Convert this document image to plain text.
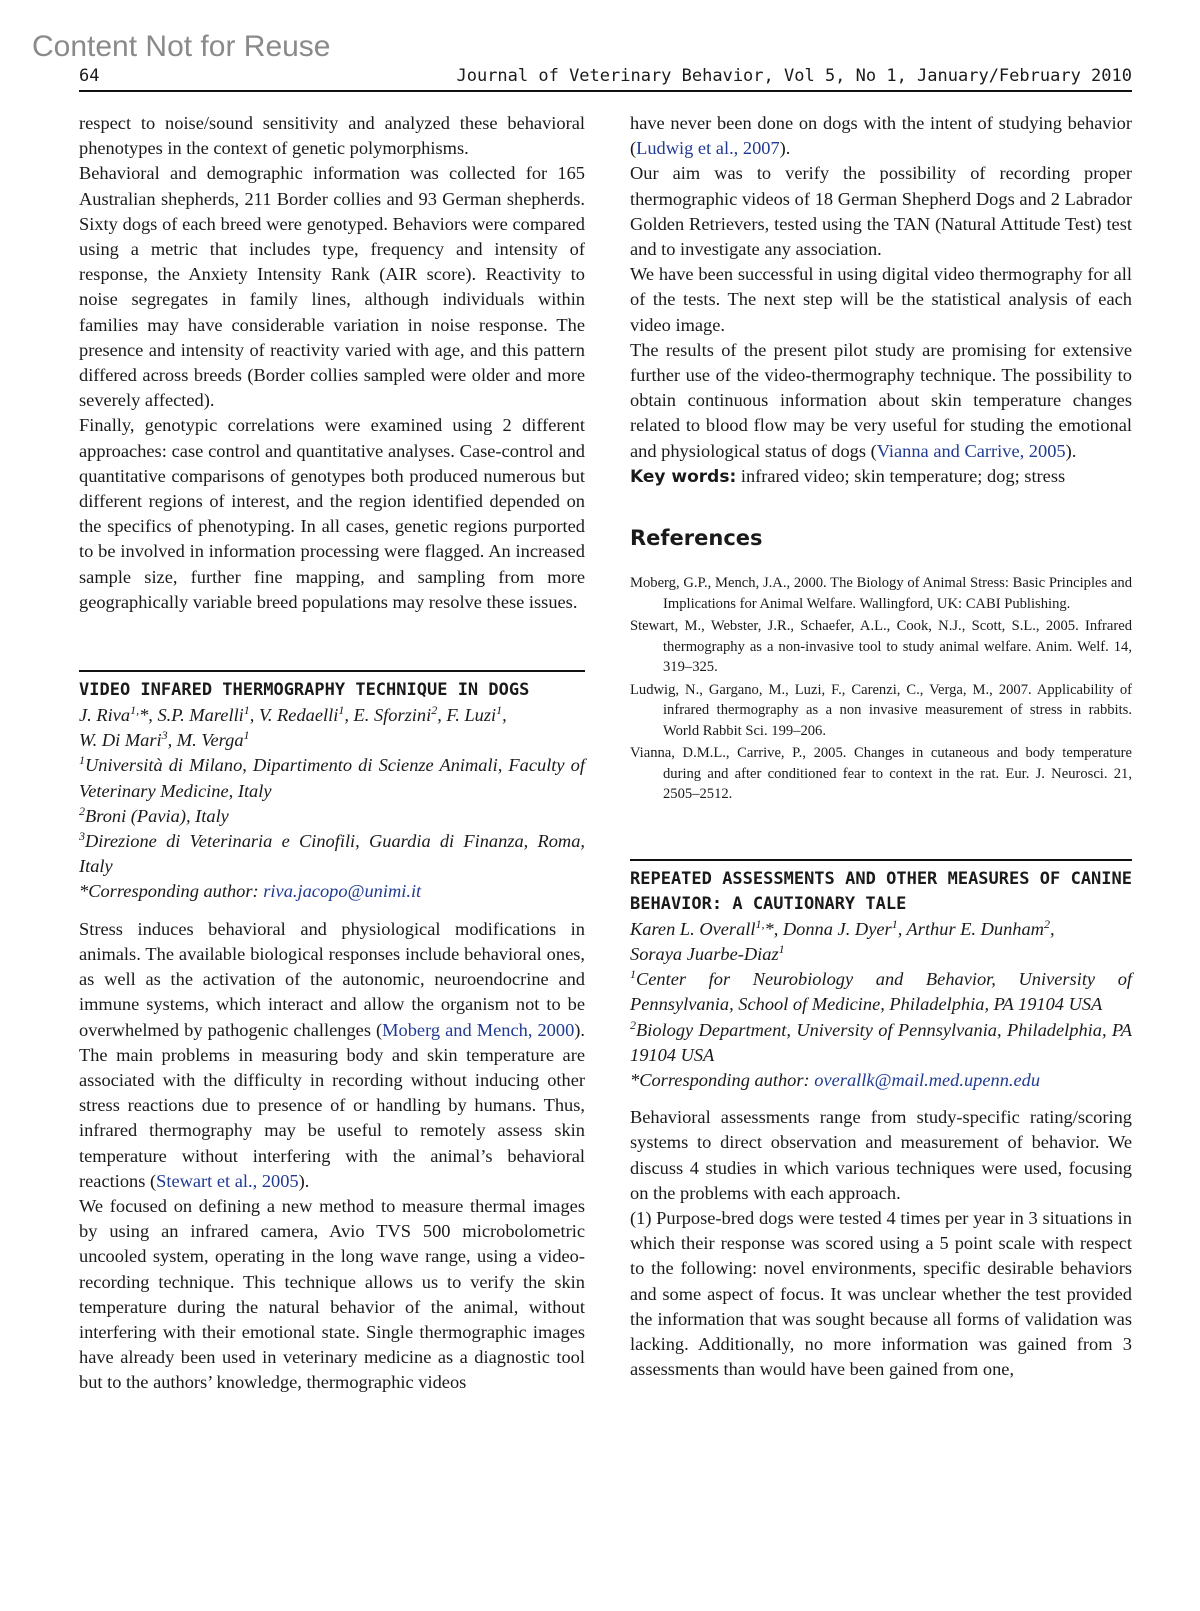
Content Not for Reuse
64	Journal of Veterinary Behavior, Vol 5, No 1, January/February 2010

respect to noise/sound sensitivity and analyzed these behavioral phenotypes in the context of genetic polymorphisms.

Behavioral and demographic information was collected for 165 Australian shepherds, 211 Border collies and 93 German shepherds. Sixty dogs of each breed were genotyped. Behaviors were compared using a metric that includes type, frequency and intensity of response, the Anxiety Intensity Rank (AIR score). Reactivity to noise segregates in family lines, although individuals within families may have considerable variation in noise response. The presence and intensity of reactivity varied with age, and this pattern differed across breeds (Border collies sampled were older and more severely affected).

Finally, genotypic correlations were examined using 2 different approaches: case control and quantitative analyses. Case-control and quantitative comparisons of genotypes both produced numerous but different regions of interest, and the region identified depended on the specifics of phenotyping. In all cases, genetic regions purported to be involved in information processing were flagged. An increased sample size, further fine mapping, and sampling from more geographically variable breed populations may resolve these issues.

VIDEO INFARED THERMOGRAPHY TECHNIQUE IN DOGS

J. Riva$^{1,}$*, S.P. Marelli$^1$, V. Redaelli$^1$, E. Sforzini$^2$, F. Luzi$^1$,
W. Di Mari$^3$, M. Verga$^1$

$^1$Università di Milano, Dipartimento di Scienze Animali, Faculty of Veterinary Medicine, Italy

$^2$Broni (Pavia), Italy

$^3$Direzione di Veterinaria e Cinofili, Guardia di Finanza, Roma, Italy

*Corresponding author: riva.jacopo@unimi.it

Stress induces behavioral and physiological modifications in animals. The available biological responses include behavioral ones, as well as the activation of the autonomic, neuroendocrine and immune systems, which interact and allow the organism not to be overwhelmed by pathogenic challenges (Moberg and Mench, 2000). The main problems in measuring body and skin temperature are associated with the difficulty in recording without inducing other stress reactions due to presence of or handling by humans. Thus, infrared thermography may be useful to remotely assess skin temperature without interfering with the animal’s behavioral reactions (Stewart et al., 2005).

We focused on defining a new method to measure thermal images by using an infrared camera, Avio TVS 500 microbolometric uncooled system, operating in the long wave range, using a video-recording technique. This technique allows us to verify the skin temperature during the natural behavior of the animal, without interfering with their emotional state. Single thermographic images have already been used in veterinary medicine as a diagnostic tool but to the authors’ knowledge, thermographic videos

have never been done on dogs with the intent of studying behavior (Ludwig et al., 2007).

Our aim was to verify the possibility of recording proper thermographic videos of 18 German Shepherd Dogs and 2 Labrador Golden Retrievers, tested using the TAN (Natural Attitude Test) test and to investigate any association.

We have been successful in using digital video thermography for all of the tests. The next step will be the statistical analysis of each video image.

The results of the present pilot study are promising for extensive further use of the video-thermography technique. The possibility to obtain continuous information about skin temperature changes related to blood flow may be very useful for studing the emotional and physiological status of dogs (Vianna and Carrive, 2005).

Key words: infrared video; skin temperature; dog; stress

References
Moberg, G.P., Mench, J.A., 2000. The Biology of Animal Stress: Basic Principles and Implications for Animal Welfare. Wallingford, UK: CABI Publishing.
Stewart, M., Webster, J.R., Schaefer, A.L., Cook, N.J., Scott, S.L., 2005. Infrared thermography as a non-invasive tool to study animal welfare. Anim. Welf. 14, 319–325.
Ludwig, N., Gargano, M., Luzi, F., Carenzi, C., Verga, M., 2007. Applicability of infrared thermography as a non invasive measurement of stress in rabbits. World Rabbit Sci. 199–206.
Vianna, D.M.L., Carrive, P., 2005. Changes in cutaneous and body temperature during and after conditioned fear to context in the rat. Eur. J. Neurosci. 21, 2505–2512.

REPEATED ASSESSMENTS AND OTHER MEASURES OF CANINE BEHAVIOR: A CAUTIONARY TALE

Karen L. Overall$^{1,}$*, Donna J. Dyer$^1$, Arthur E. Dunham$^2$,
Soraya Juarbe-Diaz$^1$

$^1$Center for Neurobiology and Behavior, University of Pennsylvania, School of Medicine, Philadelphia, PA 19104 USA

$^2$Biology Department, University of Pennsylvania, Philadelphia, PA 19104 USA

*Corresponding author: overallk@mail.med.upenn.edu

Behavioral assessments range from study-specific rating/scoring systems to direct observation and measurement of behavior. We discuss 4 studies in which various techniques were used, focusing on the problems with each approach.

(1) Purpose-bred dogs were tested 4 times per year in 3 situations in which their response was scored using a 5 point scale with respect to the following: novel environments, specific desirable behaviors and some aspect of focus. It was unclear whether the test provided the information that was sought because all forms of validation was lacking. Additionally, no more information was gained from 3 assessments than would have been gained from one,
